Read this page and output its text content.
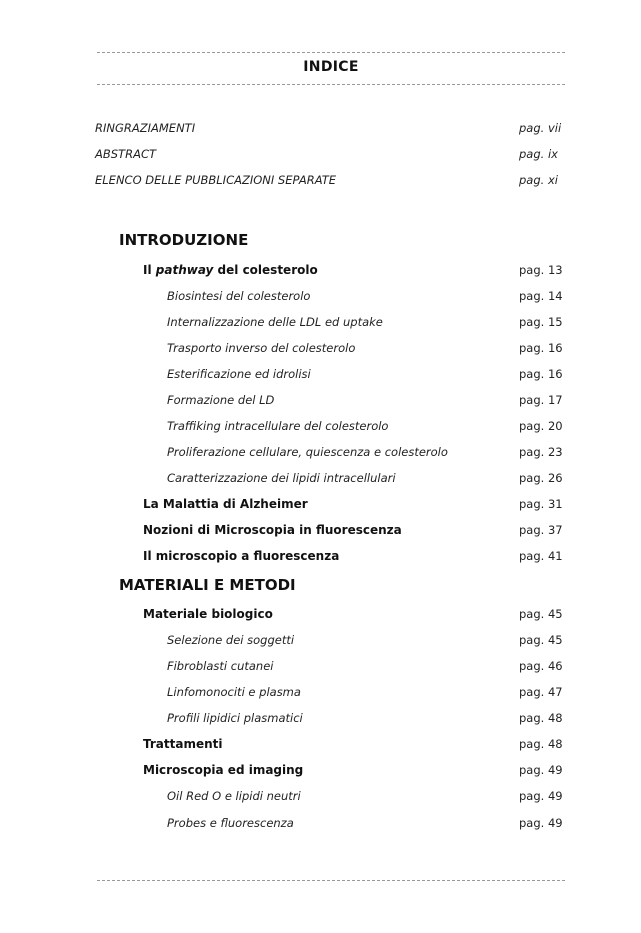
INDICE
RINGRAZIAMENTI	pag. vii
ABSTRACT	pag. ix
ELENCO DELLE PUBBLICAZIONI SEPARATE	pag. xi
INTRODUZIONE
Il pathway del colesterolo	pag. 13
Biosintesi del colesterolo	pag. 14
Internalizzazione delle LDL ed uptake	pag. 15
Trasporto inverso del colesterolo	pag. 16
Esterificazione ed idrolisi	pag. 16
Formazione del LD	pag. 17
Traffiking intracellulare del colesterolo	pag. 20
Proliferazione cellulare, quiescenza e colesterolo	pag. 23
Caratterizzazione dei lipidi intracellulari	pag. 26
La Malattia di Alzheimer	pag. 31
Nozioni di Microscopia in fluorescenza	pag. 37
Il microscopio a fluorescenza	pag. 41
MATERIALI E METODI
Materiale biologico	pag. 45
Selezione dei soggetti	pag. 45
Fibroblasti cutanei	pag. 46
Linfomonociti e plasma	pag. 47
Profili lipidici plasmatici	pag. 48
Trattamenti	pag. 48
Microscopia ed imaging	pag. 49
Oil Red O e lipidi neutri	pag. 49
Probes e fluorescenza	pag. 49
